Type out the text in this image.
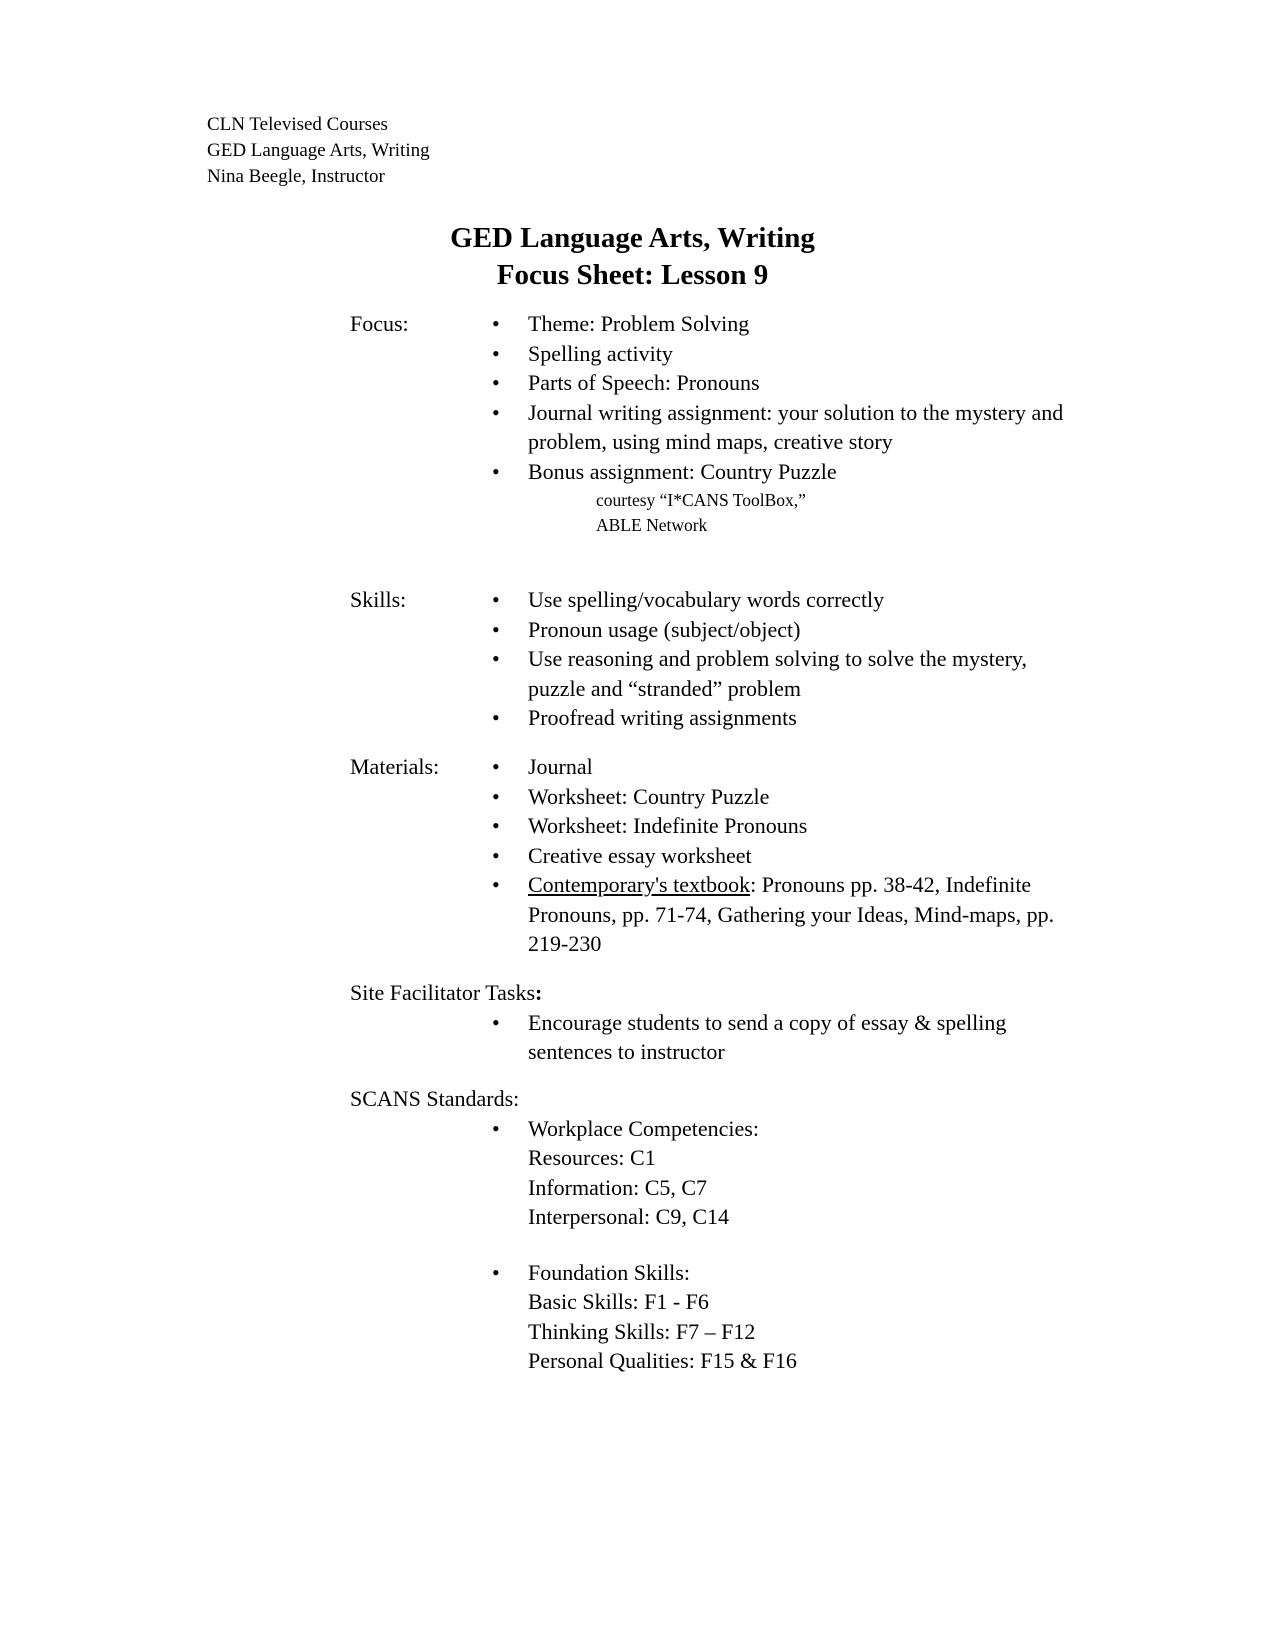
CLN Televised Courses
GED Language Arts, Writing
Nina Beegle, Instructor
GED Language Arts, Writing
Focus Sheet: Lesson 9
Focus:	• Theme: Problem Solving
• Spelling activity
• Parts of Speech: Pronouns
• Journal writing assignment: your solution to the mystery and problem, using mind maps, creative story
• Bonus assignment: Country Puzzle
courtesy “I*CANS ToolBox,”
ABLE Network
Skills:	• Use spelling/vocabulary words correctly
• Pronoun usage (subject/object)
• Use reasoning and problem solving to solve the mystery, puzzle and “stranded” problem
• Proofread writing assignments
Materials: • Journal
• Worksheet: Country Puzzle
• Worksheet: Indefinite Pronouns
• Creative essay worksheet
• Contemporary's textbook: Pronouns pp. 38-42, Indefinite Pronouns, pp. 71-74, Gathering your Ideas, Mind-maps, pp. 219-230
Site Facilitator Tasks:
• Encourage students to send a copy of essay & spelling sentences to instructor
SCANS Standards:
• Workplace Competencies:
Resources: C1
Information: C5, C7
Interpersonal: C9, C14
• Foundation Skills:
Basic Skills: F1 - F6
Thinking Skills: F7 – F12
Personal Qualities: F15 & F16
